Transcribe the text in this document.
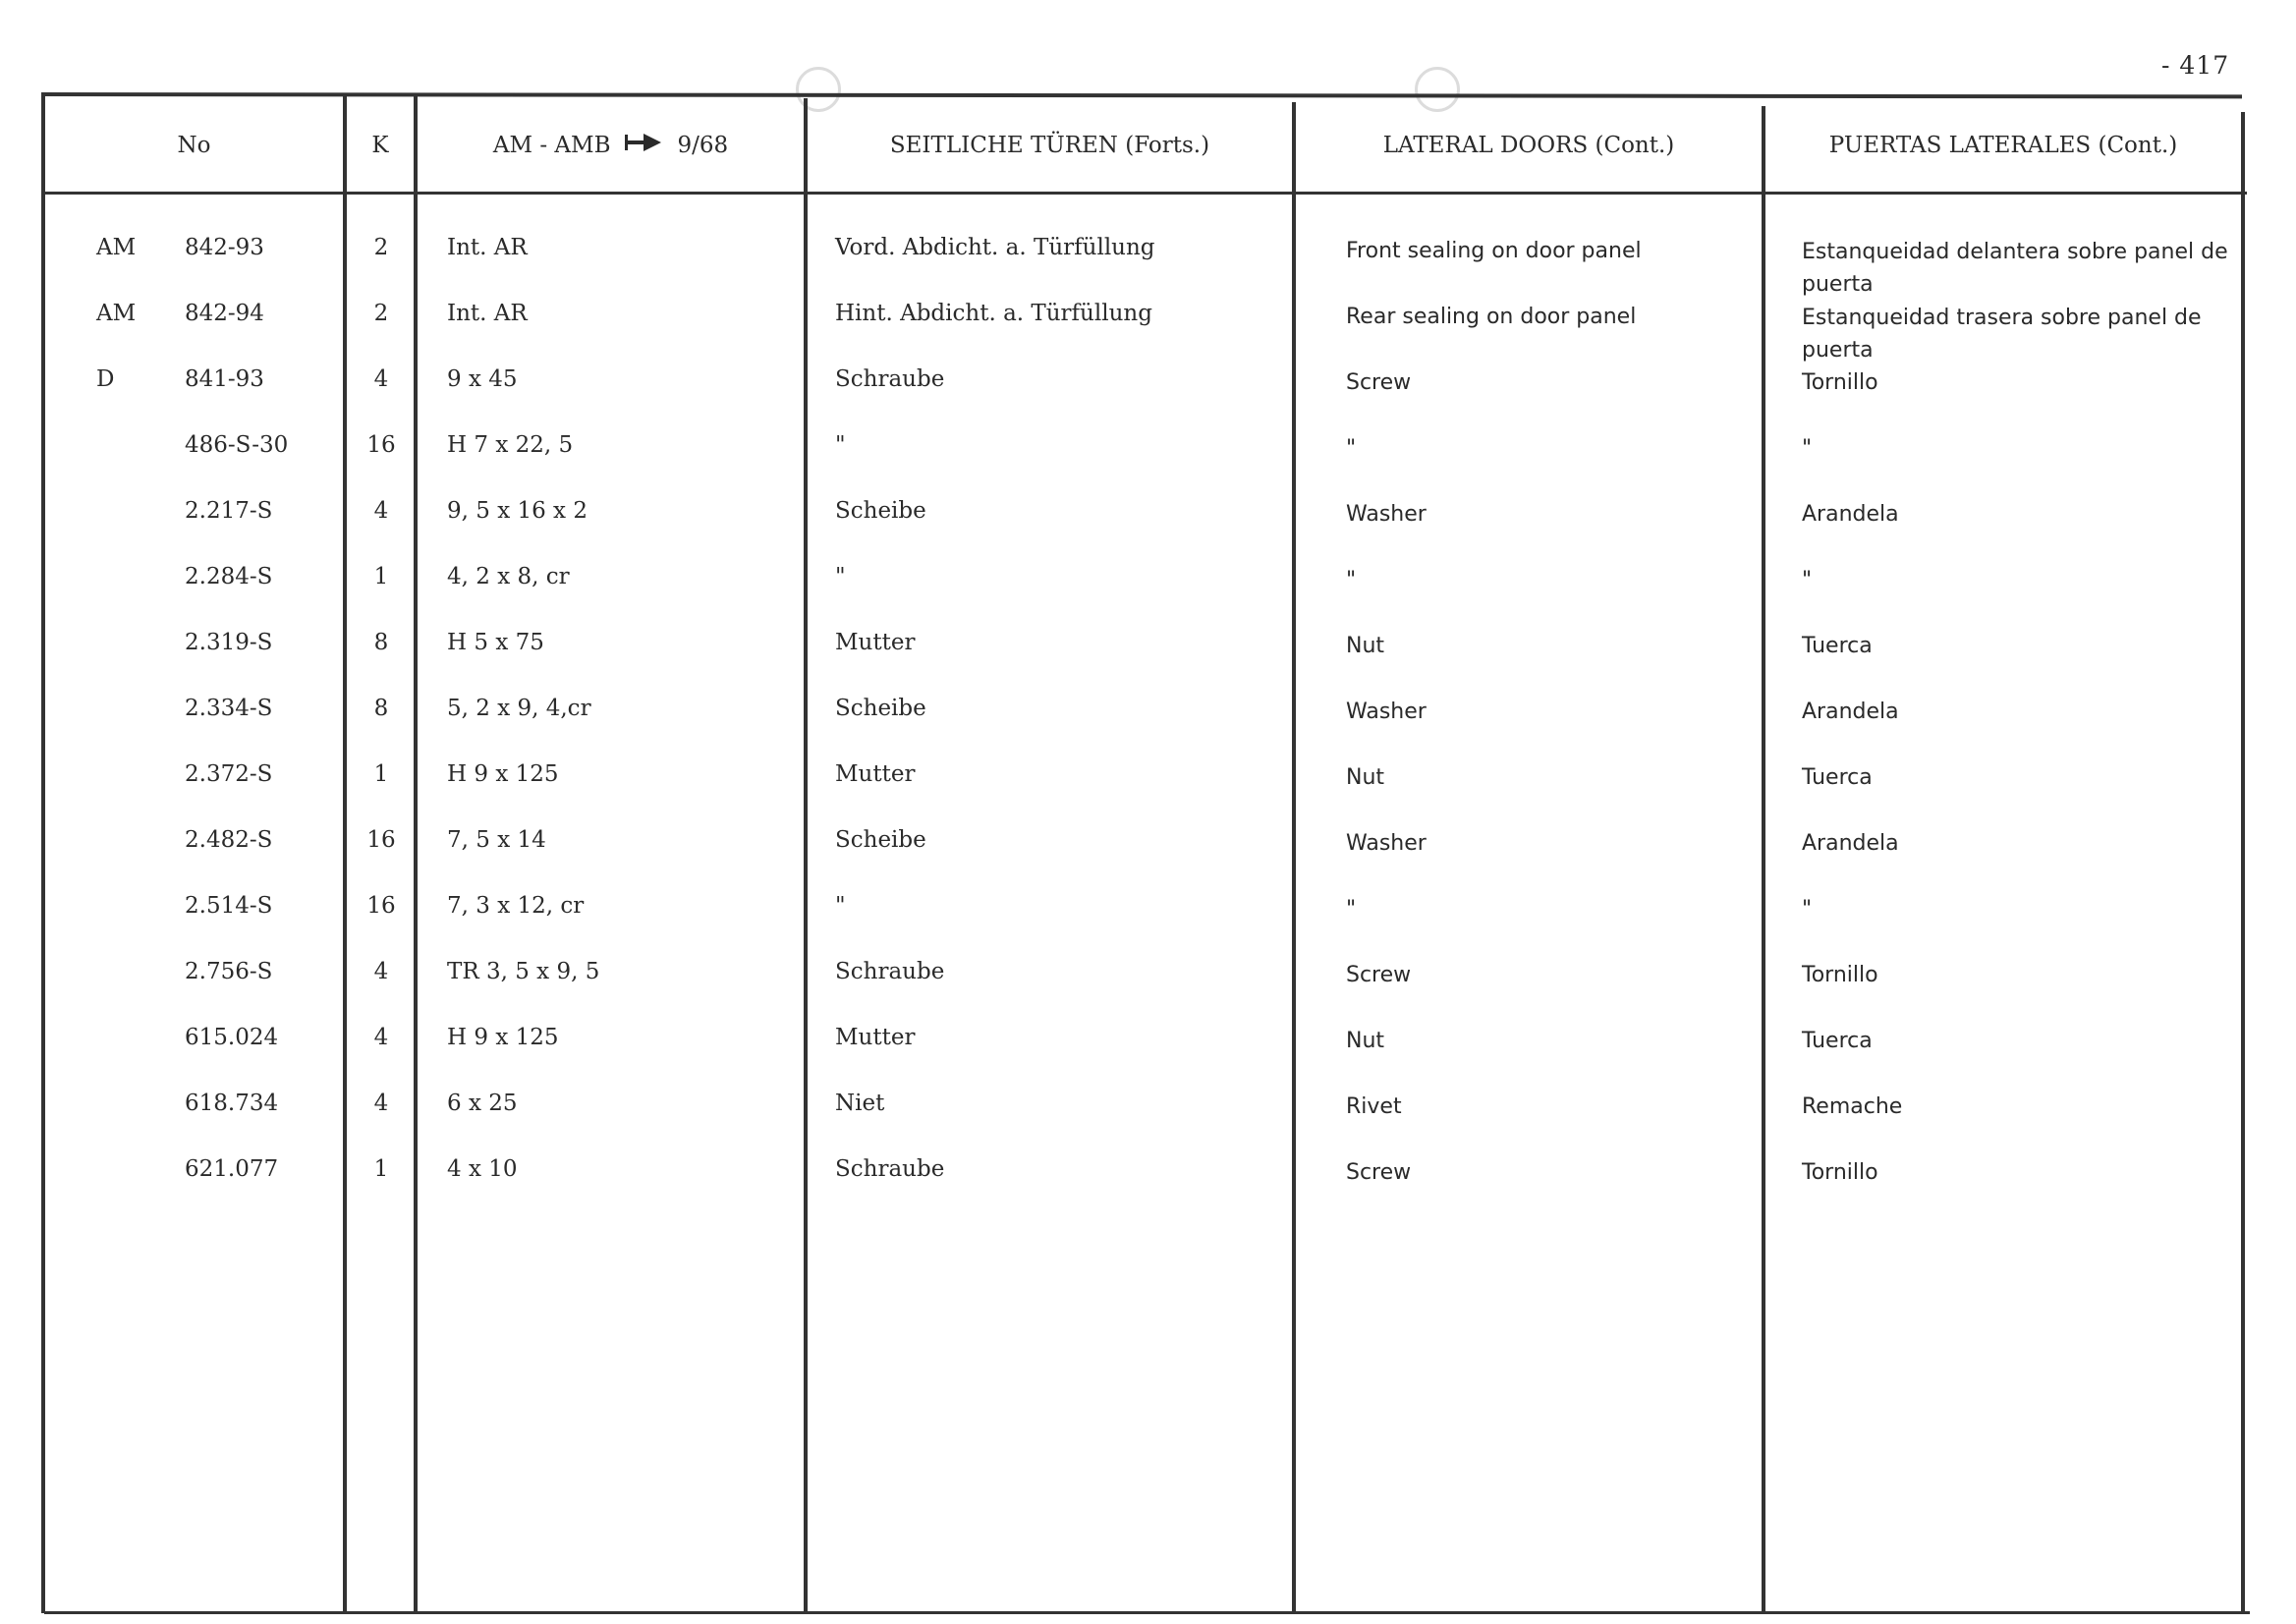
- 417
No	K	AM - AMB	9/68	SEITLICHE TÜREN (Forts.)	LATERAL DOORS (Cont.)	PUERTAS LATERALES (Cont.)
AM 842-93	2	Int. AR	Vord. Abdicht. a. Türfüllung	Front sealing on door panel	Estanqueidad delantera sobre panel de puerta
AM 842-94	2	Int. AR	Hint. Abdicht. a. Türfüllung	Rear sealing on door panel	Estanqueidad trasera sobre panel de puerta
D	841-93	4	9 x 45	Schraube	Screw	Tornillo
486-S-30	16	H 7 x 22, 5	"	"	"
2.217-S	4	9, 5 x 16 x 2	Scheibe	Washer	Arandela
2.284-S	1	4, 2 x 8, cr	"	"	"
2.319-S	8	H 5 x 75	Mutter	Nut	Tuerca
2.334-S	8	5, 2 x 9, 4,cr	Scheibe	Washer	Arandela
2.372-S	1	H 9 x 125	Mutter	Nut	Tuerca
2.482-S	16	7, 5 x 14	Scheibe	Washer	Arandela
2.514-S	16	7, 3 x 12, cr	"	"	"
2.756-S	4	TR 3, 5 x 9, 5	Schraube	Screw	Tornillo
615.024	4	H 9 x 125	Mutter	Nut	Tuerca
618.734	4	6 x 25	Niet	Rivet	Remache
621.077	1	4 x 10	Schraube	Screw	Tornillo
